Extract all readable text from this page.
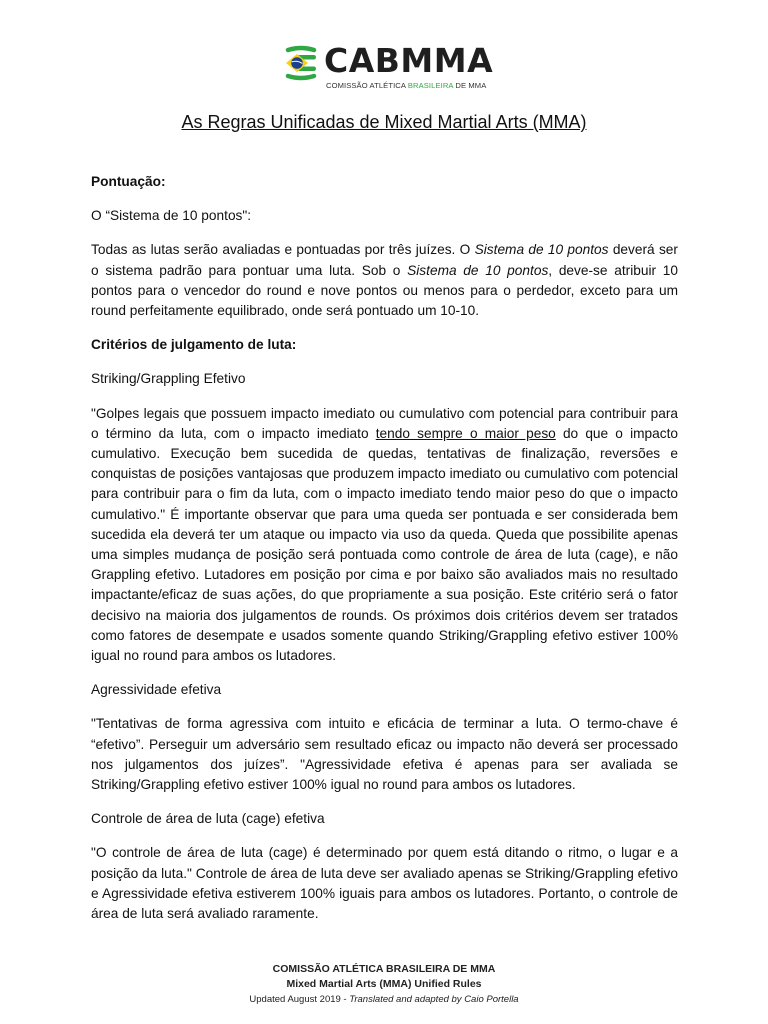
CABMMA
COMISSÃO ATLÉTICA BRASILEIRA DE MMA
As Regras Unificadas de Mixed Martial Arts (MMA)

Pontuação:

O “Sistema de 10 pontos":

Todas as lutas serão avaliadas e pontuadas por três juízes. O Sistema de 10 pontos deverá ser o sistema padrão para pontuar uma luta. Sob o Sistema de 10 pontos, deve-se atribuir 10 pontos para o vencedor do round e nove pontos ou menos para o perdedor, exceto para um round perfeitamente equilibrado, onde será pontuado um 10-10.

Critérios de julgamento de luta:

Striking/Grappling Efetivo

"Golpes legais que possuem impacto imediato ou cumulativo com potencial para contribuir para o término da luta, com o impacto imediato tendo sempre o maior peso do que o impacto cumulativo. Execução bem sucedida de quedas, tentativas de finalização, reversões e conquistas de posições vantajosas que produzem impacto imediato ou cumulativo com potencial para contribuir para o fim da luta, com o impacto imediato tendo maior peso do que o impacto cumulativo." É importante observar que para uma queda ser pontuada e ser considerada bem sucedida ela deverá ter um ataque ou impacto via uso da queda. Queda que possibilite apenas uma simples mudança de posição será pontuada como controle de área de luta (cage), e não Grappling efetivo. Lutadores em posição por cima e por baixo são avaliados mais no resultado impactante/eficaz de suas ações, do que propriamente a sua posição. Este critério será o fator decisivo na maioria dos julgamentos de rounds. Os próximos dois critérios devem ser tratados como fatores de desempate e usados somente quando Striking/Grappling efetivo estiver 100% igual no round para ambos os lutadores.

Agressividade efetiva

"Tentativas de forma agressiva com intuito e eficácia de terminar a luta. O termo-chave é “efetivo”. Perseguir um adversário sem resultado eficaz ou impacto não deverá ser processado nos julgamentos dos juízes”. "Agressividade efetiva é apenas para ser avaliada se Striking/Grappling efetivo estiver 100% igual no round para ambos os lutadores.

Controle de área de luta (cage) efetiva

"O controle de área de luta (cage) é determinado por quem está ditando o ritmo, o lugar e a posição da luta." Controle de área de luta deve ser avaliado apenas se Striking/Grappling efetivo e Agressividade efetiva estiverem 100% iguais para ambos os lutadores. Portanto, o controle de área de luta será avaliado raramente.

COMISSÃO ATLÉTICA BRASILEIRA DE MMA
Mixed Martial Arts (MMA) Unified Rules
Updated August 2019 - Translated and adapted by Caio Portella
